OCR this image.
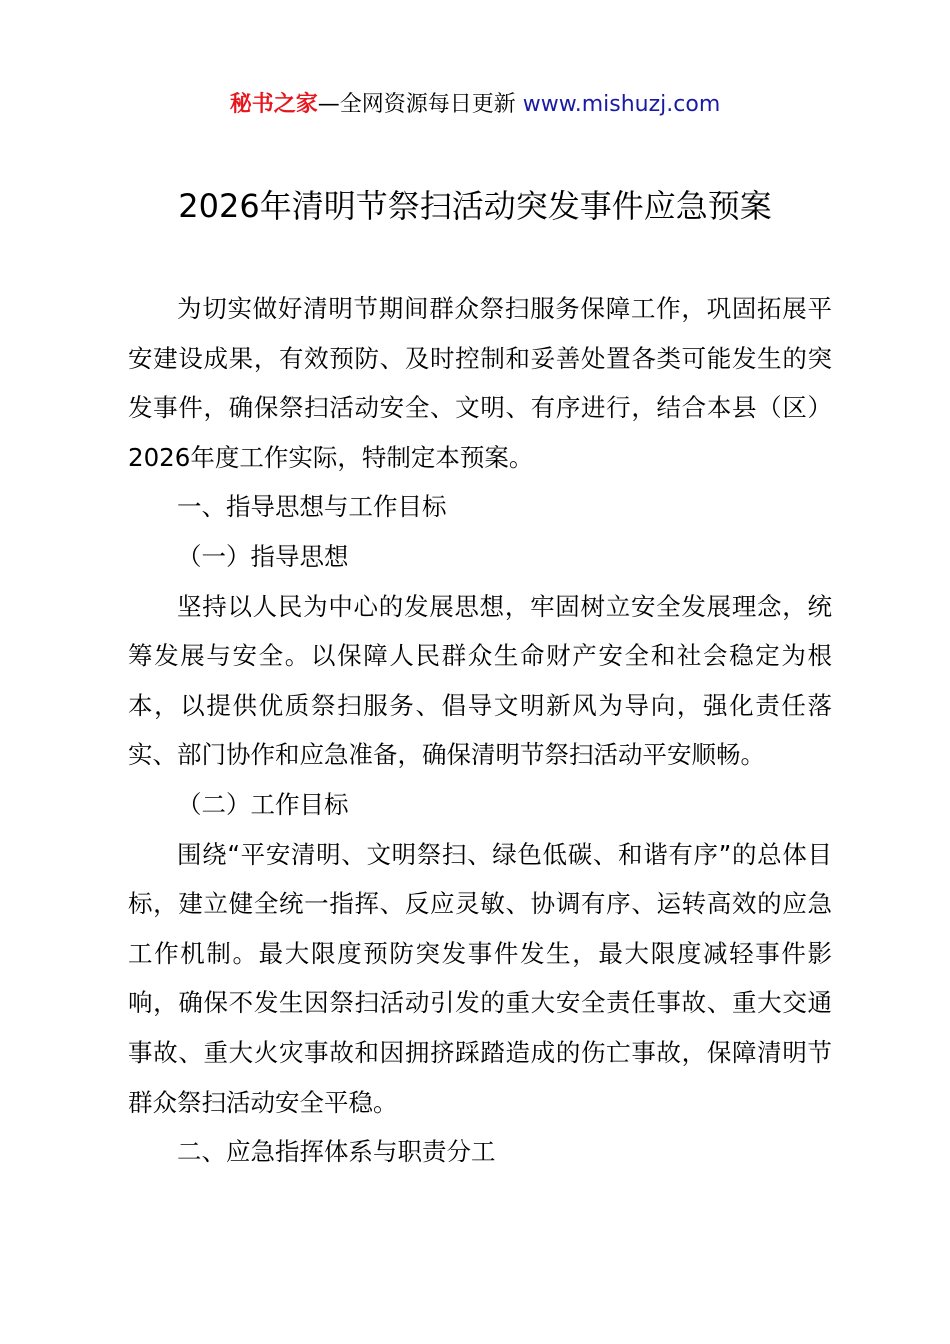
秘书之家—全网资源每日更新 www.mishuzj.com
2026年清明节祭扫活动突发事件应急预案

为切实做好清明节期间群众祭扫服务保障工作，巩固拓展平安建设成果，有效预防、及时控制和妥善处置各类可能发生的突发事件，确保祭扫活动安全、文明、有序进行，结合本县（区）2026年度工作实际，特制定本预案。

一、指导思想与工作目标

（一）指导思想

坚持以人民为中心的发展思想，牢固树立安全发展理念，统筹发展与安全。以保障人民群众生命财产安全和社会稳定为根本，以提供优质祭扫服务、倡导文明新风为导向，强化责任落实、部门协作和应急准备，确保清明节祭扫活动平安顺畅。

（二）工作目标

围绕“平安清明、文明祭扫、绿色低碳、和谐有序”的总体目标，建立健全统一指挥、反应灵敏、协调有序、运转高效的应急工作机制。最大限度预防突发事件发生，最大限度减轻事件影响，确保不发生因祭扫活动引发的重大安全责任事故、重大交通事故、重大火灾事故和因拥挤踩踏造成的伤亡事故，保障清明节群众祭扫活动安全平稳。

二、应急指挥体系与职责分工
